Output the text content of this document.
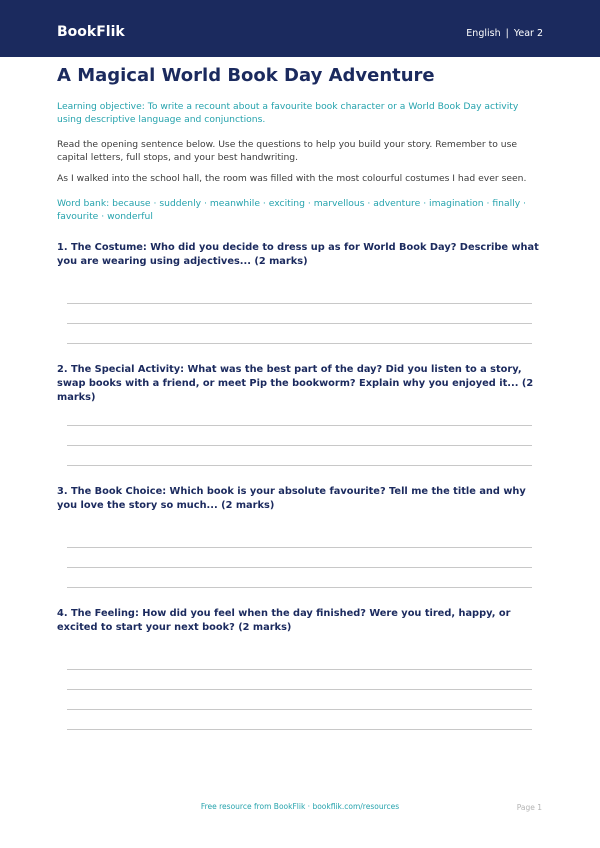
BookFlik	English | Year 2
A Magical World Book Day Adventure
Learning objective: To write a recount about a favourite book character or a World Book Day activity using descriptive language and conjunctions.
Read the opening sentence below. Use the questions to help you build your story. Remember to use capital letters, full stops, and your best handwriting.
As I walked into the school hall, the room was filled with the most colourful costumes I had ever seen.
Word bank: because · suddenly · meanwhile · exciting · marvellous · adventure · imagination · finally · favourite · wonderful
1. The Costume: Who did you decide to dress up as for World Book Day? Describe what you are wearing using adjectives... (2 marks)
2. The Special Activity: What was the best part of the day? Did you listen to a story, swap books with a friend, or meet Pip the bookworm? Explain why you enjoyed it... (2 marks)
3. The Book Choice: Which book is your absolute favourite? Tell me the title and why you love the story so much... (2 marks)
4. The Feeling: How did you feel when the day finished? Were you tired, happy, or excited to start your next book? (2 marks)
Free resource from BookFlik · bookflik.com/resources	Page 1
